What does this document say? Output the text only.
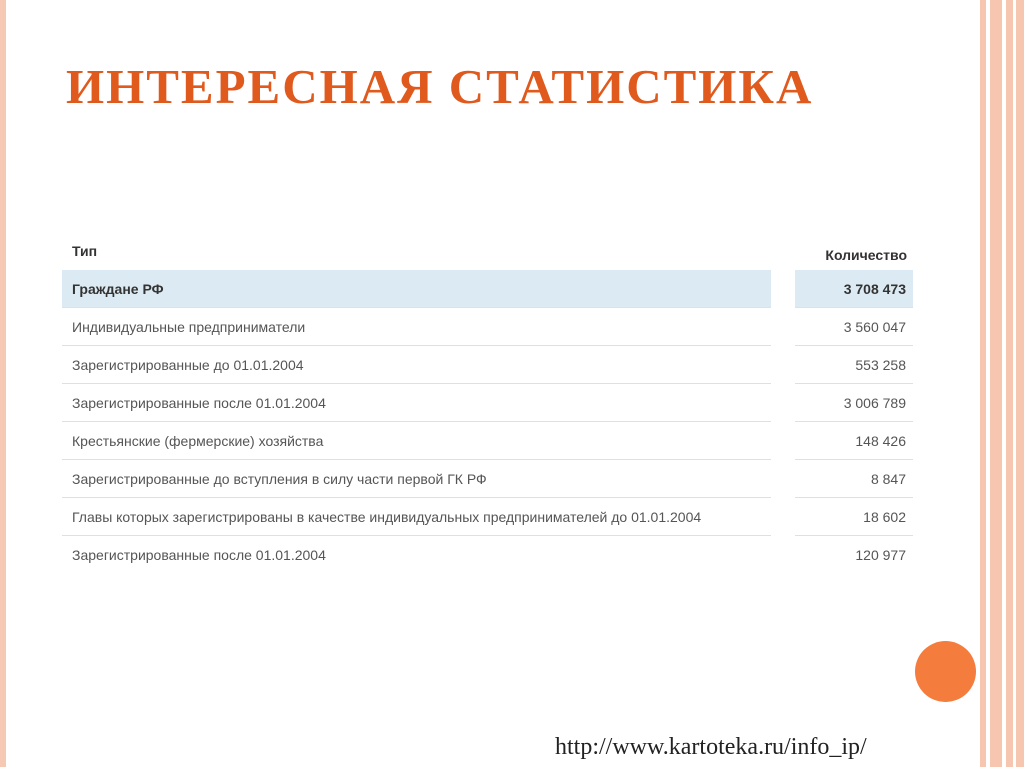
ИНТЕРЕСНАЯ СТАТИСТИКА
Тип
Граждане РФ
Индивидуальные предприниматели
Зарегистрированные до 01.01.2004
Зарегистрированные после 01.01.2004
Крестьянские (фермерские) хозяйства
Зарегистрированные до вступления в силу части первой ГК РФ
Главы которых зарегистрированы в качестве индивидуальных предпринимателей до 01.01.2004
Зарегистрированные после 01.01.2004
Количество
3 708 473
3 560 047
553 258
3 006 789
148 426
8 847
18 602
120 977
http://www.kartoteka.ru/info_ip/
